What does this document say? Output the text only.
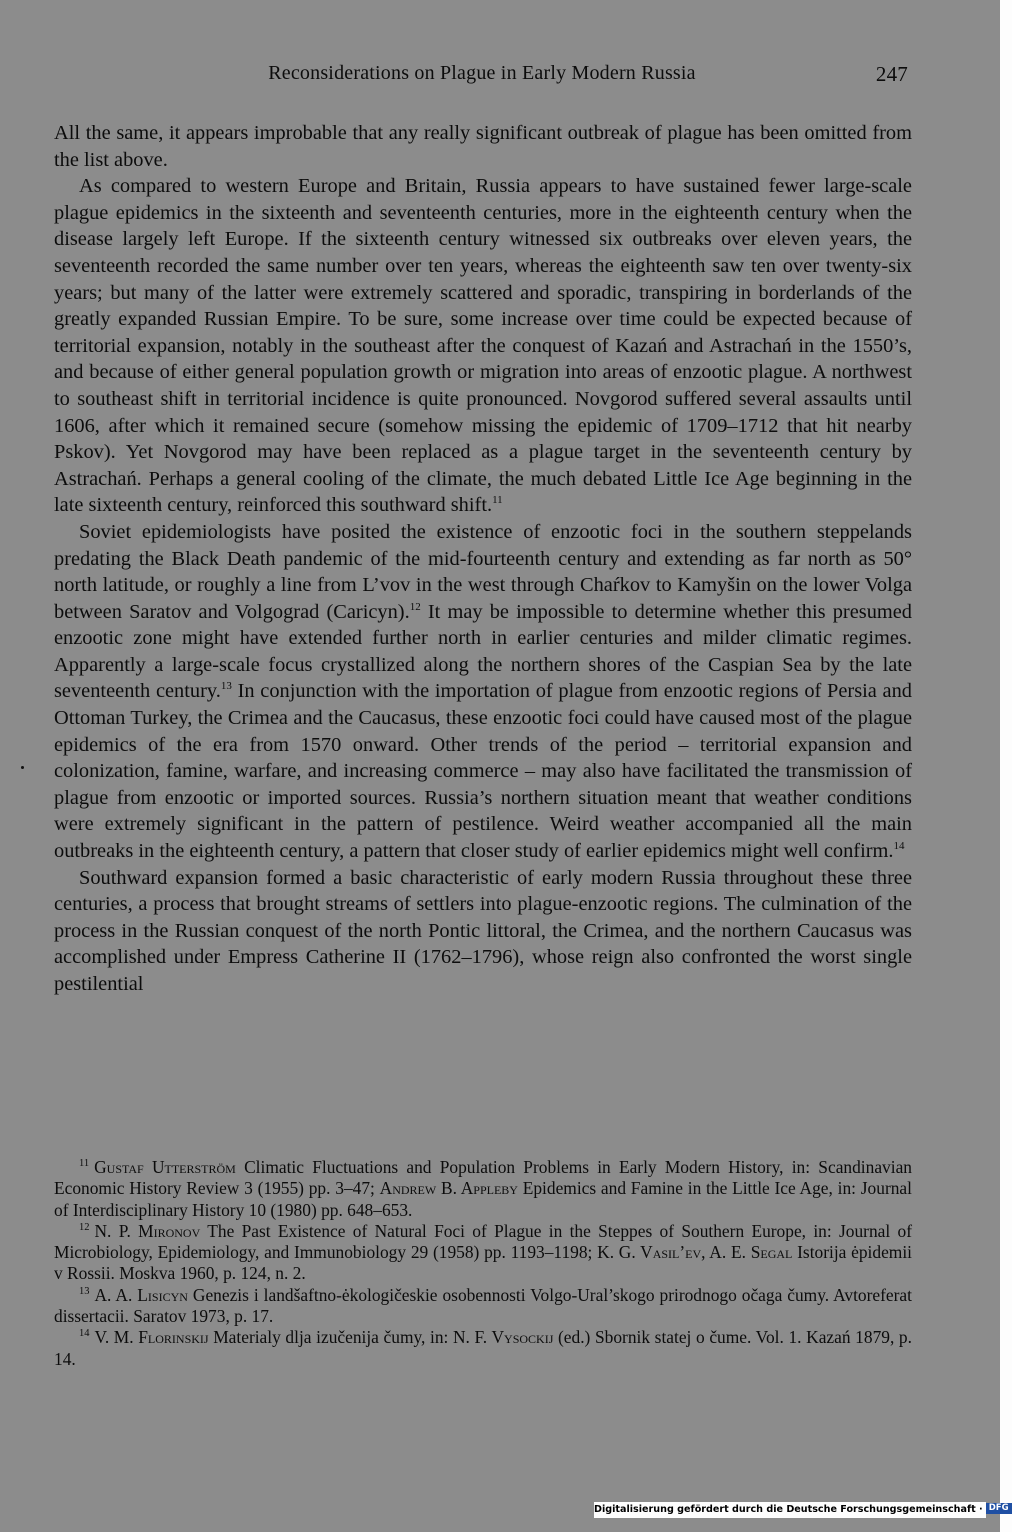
Reconsiderations on Plague in Early Modern Russia	247

All the same, it appears improbable that any really significant outbreak of plague has been omitted from the list above.

As compared to western Europe and Britain, Russia appears to have sustained fewer large-scale plague epidemics in the sixteenth and seventeenth centuries, more in the eighteenth century when the disease largely left Europe. If the sixteenth century witnessed six outbreaks over eleven years, the seventeenth recorded the same number over ten years, whereas the eighteenth saw ten over twenty-six years; but many of the latter were extremely scattered and sporadic, transpiring in borderlands of the greatly expanded Russian Empire. To be sure, some increase over time could be expected because of territorial expansion, notably in the southeast after the conquest of Kazań and Astrachań in the 1550’s, and because of either general population growth or migration into areas of enzootic plague. A northwest to southeast shift in territorial incidence is quite pronounced. Novgorod suffered several assaults until 1606, after which it remained secure (somehow missing the epidemic of 1709–1712 that hit nearby Pskov). Yet Novgorod may have been replaced as a plague target in the seventeenth century by Astrachań. Perhaps a general cooling of the climate, the much debated Little Ice Age beginning in the late sixteenth century, reinforced this southward shift.$^{11}$

Soviet epidemiologists have posited the existence of enzootic foci in the southern steppelands predating the Black Death pandemic of the mid-fourteenth century and extending as far north as 50° north latitude, or roughly a line from L’vov in the west through Chaŕkov to Kamyšin on the lower Volga between Saratov and Volgograd (Caricyn).$^{12}$ It may be impossible to determine whether this presumed enzootic zone might have extended further north in earlier centuries and milder climatic regimes. Apparently a large-scale focus crystallized along the northern shores of the Caspian Sea by the late seventeenth century.$^{13}$ In conjunction with the importation of plague from enzootic regions of Persia and Ottoman Turkey, the Crimea and the Caucasus, these enzootic foci could have caused most of the plague epidemics of the era from 1570 onward. Other trends of the period – territorial expansion and colonization, famine, warfare, and increasing commerce – may also have facilitated the transmission of plague from enzootic or imported sources. Russia’s northern situation meant that weather conditions were extremely significant in the pattern of pestilence. Weird weather accompanied all the main outbreaks in the eighteenth century, a pattern that closer study of earlier epidemics might well confirm.$^{14}$

Southward expansion formed a basic characteristic of early modern Russia throughout these three centuries, a process that brought streams of settlers into plague-enzootic regions. The culmination of the process in the Russian conquest of the north Pontic littoral, the Crimea, and the northern Caucasus was accomplished under Empress Catherine II (1762–1796), whose reign also confronted the worst single pestilential

$^{11}$ Gustaf Utterström Climatic Fluctuations and Population Problems in Early Modern History, in: Scandinavian Economic History Review 3 (1955) pp. 3–47; Andrew B. Appleby Epidemics and Famine in the Little Ice Age, in: Journal of Interdisciplinary History 10 (1980) pp. 648–653.

$^{12}$ N. P. Mironov The Past Existence of Natural Foci of Plague in the Steppes of Southern Europe, in: Journal of Microbiology, Epidemiology, and Immunobiology 29 (1958) pp. 1193–1198; K. G. Vasil’ev, A. E. Segal Istorija ėpidemii v Rossii. Moskva 1960, p. 124, n. 2.

$^{13}$ A. A. Lisicyn Genezis i landšaftno-ėkologičeskie osobennosti Volgo-Ural’skogo prirodnogo očaga čumy. Avtoreferat dissertacii. Saratov 1973, p. 17.

$^{14}$ V. M. Florinskij Materialy dlja izučenija čumy, in: N. F. Vysockij (ed.) Sbornik statej o čume. Vol. 1. Kazań 1879, p. 14.

Digitalisierung gefördert durch die Deutsche Forschungsgemeinschaft · DFG
